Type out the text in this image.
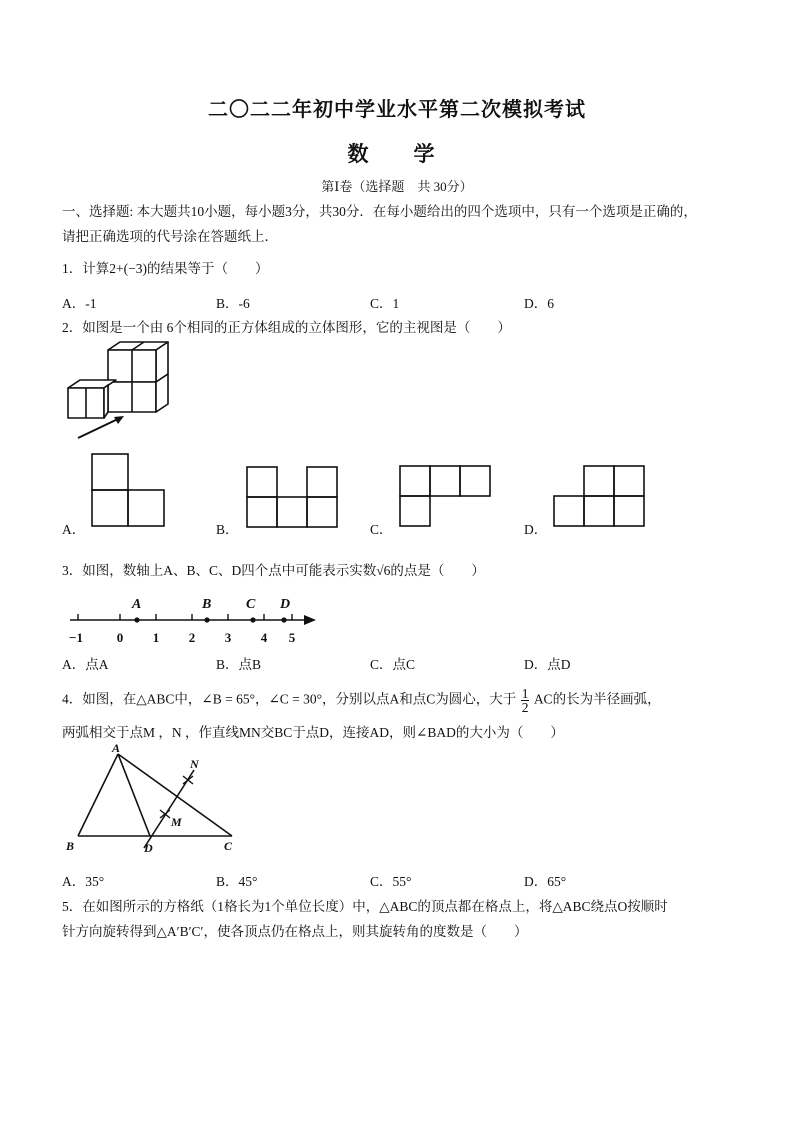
二〇二二年初中学业水平第二次模拟考试
数　学
第Ⅰ卷（选择题　共 30分）
一、选择题: 本大题共10小题，每小题3分，共30分．在每小题给出的四个选项中，只有一个选项是正确的，
请把正确选项的代号涂在答题纸上．
1．计算2+(−3)的结果等于（　　）
A．-1	B．-6	C．1	D．6
2．如图是一个由 6个相同的正方体组成的立体图形，它的主视图是（　　）
A．	B．	C．	D．
3．如图，数轴上A、B、C、D四个点中可能表示实数√6的点是（　　）
A	B C D
−1	0 1 2 3 4 5
A．点A	B．点B	C．点C	D．点D
4．如图，在△ABC中，∠B = 65°，∠C = 30°，分别以点A和点C为圆心，大于 $\frac{1}{2}$ AC的长为半径画弧，
两弧相交于点M ，N ，作直线MN交BC于点D，连接AD，则∠BAD的大小为（　　）
A
N
M
B	D	C
A．35°	B．45°	C．55°	D．65°
5．在如图所示的方格纸（1格长为1个单位长度）中，△ABC的顶点都在格点上，将△ABC绕点O按顺时
针方向旋转得到△A′B′C′，使各顶点仍在格点上，则其旋转角的度数是（　　）
